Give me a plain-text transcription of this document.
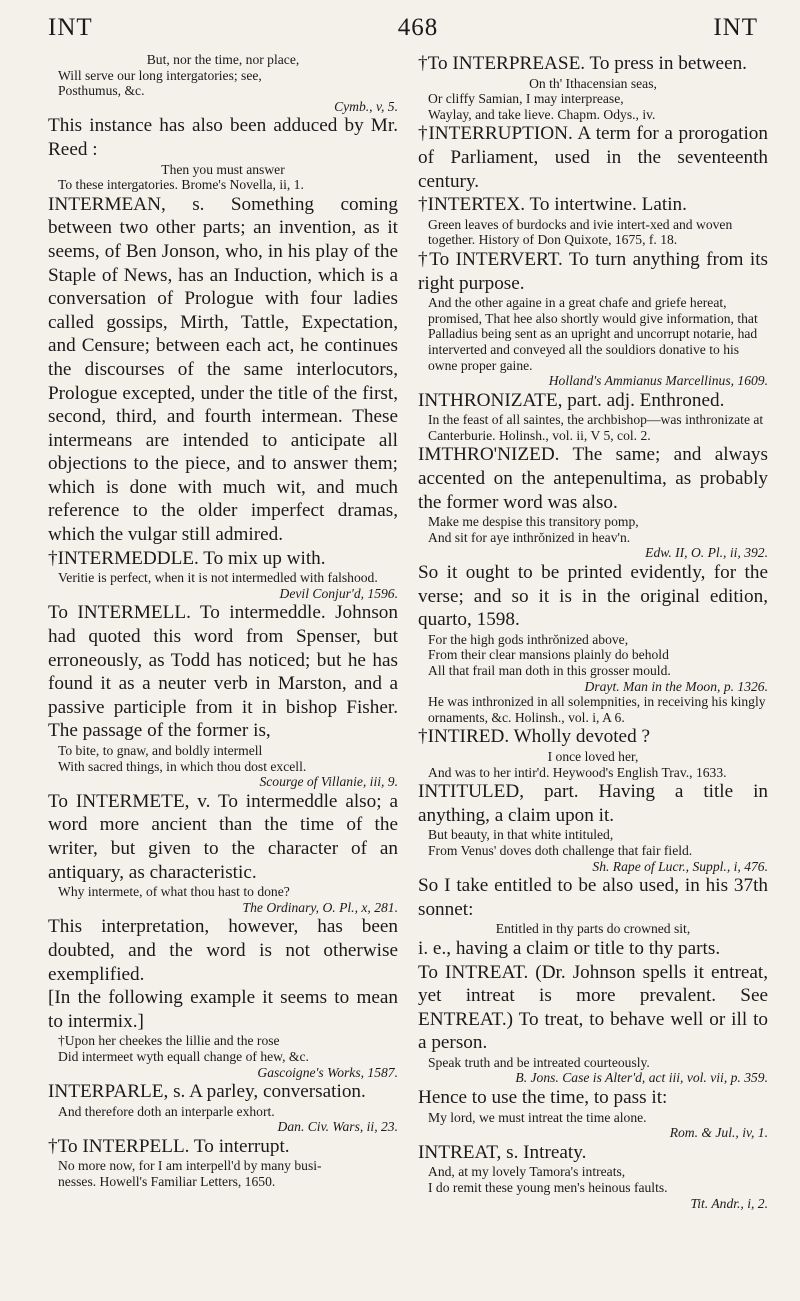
INT	468	INT
But, nor the time, nor place,
Will serve our long intergatories; see,
Posthumus, &c.
Cymb., v, 5.
This instance has also been adduced by Mr. Reed :
Then you must answer
To these intergatories. Brome's Novella, ii, 1.
INTERMEAN, s. Something coming between two other parts; an invention, as it seems, of Ben Jonson, who, in his play of the Staple of News, has an Induction, which is a conversation of Prologue with four ladies called gossips, Mirth, Tattle, Expectation, and Censure; between each act, he continues the discourses of the same interlocutors, Prologue excepted, under the title of the first, second, third, and fourth intermean. These intermeans are intended to anticipate all objections to the piece, and to answer them; which is done with much wit, and much reference to the older imperfect dramas, which the vulgar still admired.
†INTERMEDDLE. To mix up with.
Veritie is perfect, when it is not intermedled with falshood.
Devil Conjur'd, 1596.
To INTERMELL. To intermeddle. Johnson had quoted this word from Spenser, but erroneously, as Todd has noticed; but he has found it as a neuter verb in Marston, and a passive participle from it in bishop Fisher. The passage of the former is,
To bite, to gnaw, and boldly intermell
With sacred things, in which thou dost excell.
Scourge of Villanie, iii, 9.
To INTERMETE, v. To intermeddle also; a word more ancient than the time of the writer, but given to the character of an antiquary, as characteristic.
Why intermete, of what thou hast to done?
The Ordinary, O. Pl., x, 281.
This interpretation, however, has been doubted, and the word is not otherwise exemplified.
[In the following example it seems to mean to intermix.]
†Upon her cheekes the lillie and the rose
Did intermeet wyth equall change of hew, &c.
Gascoigne's Works, 1587.
INTERPARLE, s. A parley, conversation.
And therefore doth an interparle exhort.
Dan. Civ. Wars, ii, 23.
†To INTERPELL. To interrupt.
No more now, for I am interpell'd by many busi-
nesses. Howell's Familiar Letters, 1650.
†To INTERPREASE. To press in between.
On th' Ithacensian seas,
Or cliffy Samian, I may interprease,
Waylay, and take lieve. Chapm. Odys., iv.
†INTERRUPTION. A term for a prorogation of Parliament, used in the seventeenth century.
†INTERTEX. To intertwine. Latin.
Green leaves of burdocks and ivie intert-xed and woven together. History of Don Quixote, 1675, f. 18.
†To INTERVERT. To turn anything from its right purpose.
And the other againe in a great chafe and griefe hereat, promised, That hee also shortly would give information, that Palladius being sent as an upright and uncorrupt notarie, had interverted and conveyed all the souldiors donative to his owne proper gaine.
Holland's Ammianus Marcellinus, 1609.
INTHRONIZATE, part. adj. Enthroned.
In the feast of all saintes, the archbishop—was inthronizate at Canterburie. Holinsh., vol. ii, V 5, col. 2.
IMTHRO'NIZED. The same; and always accented on the antepenultima, as probably the former word was also.
Make me despise this transitory pomp,
And sit for aye inthrŏnized in heav'n.
Edw. II, O. Pl., ii, 392.
So it ought to be printed evidently, for the verse; and so it is in the original edition, quarto, 1598.
For the high gods inthrŏnized above,
From their clear mansions plainly do behold
All that frail man doth in this grosser mould.
Drayt. Man in the Moon, p. 1326.
He was inthronized in all solempnities, in receiving his kingly ornaments, &c. Holinsh., vol. i, A 6.
†INTIRED. Wholly devoted ?
I once loved her,
And was to her intir'd. Heywood's English Trav., 1633.
INTITULED, part. Having a title in anything, a claim upon it.
But beauty, in that white intituled,
From Venus' doves doth challenge that fair field.
Sh. Rape of Lucr., Suppl., i, 476.
So I take entitled to be also used, in his 37th sonnet:
Entitled in thy parts do crowned sit,
i. e., having a claim or title to thy parts.
To INTREAT. (Dr. Johnson spells it entreat, yet intreat is more prevalent. See ENTREAT.) To treat, to behave well or ill to a person.
Speak truth and be intreated courteously.
B. Jons. Case is Alter'd, act iii, vol. vii, p. 359.
Hence to use the time, to pass it:
My lord, we must intreat the time alone.
Rom. & Jul., iv, 1.
INTREAT, s. Intreaty.
And, at my lovely Tamora's intreats,
I do remit these young men's heinous faults.
Tit. Andr., i, 2.
